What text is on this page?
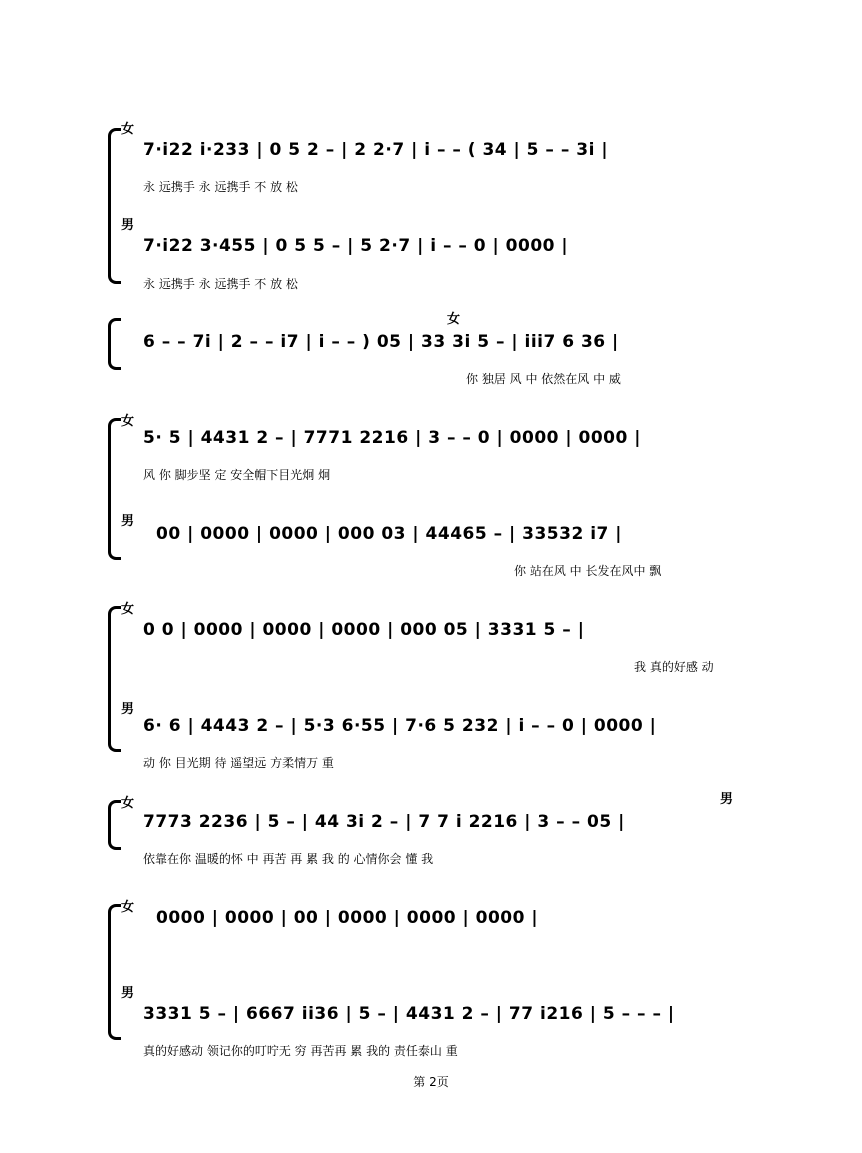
女
男
7·i22 i·233 | 0 5 2 – | 2 2·7 | i – – ( 34 | 5 – – 3i |
永 远携手 永 远携手 不 放 松
7·i22 3·455 | 0 5 5 – | 5 2·7 | i – – 0 | 0000 |
永 远携手 永 远携手 不 放 松
女
6 – – 7i | 2 – – i7 | i – – ) 05 | 33 3i 5 – | iii7 6 36 |
你 独居 风 中 依然在风 中 威
女
男
5· 5 | 4431 2 – | 7771 2216 | 3 – – 0 | 0000 | 0000 |
风 你 脚步坚 定 安全帽下目光炯 炯
00 | 0000 | 0000 | 000 03 | 44465 – | 33532 i7 |
你 站在风 中 长发在风中 飘
女
男
0 0 | 0000 | 0000 | 0000 | 000 05 | 3331 5 – |
我 真的好感 动
6· 6 | 4443 2 – | 5·3 6·55 | 7·6 5 232 | i – – 0 | 0000 |
动 你 目光期 待 遥望远 方柔情万 重
女	男
7773 2236 | 5 – | 44 3i 2 – | 7 7 i 2216 | 3 – – 05 |
依靠在你 温暖的怀 中 再苦 再 累 我 的 心情你会 懂 我
女
男
0000 | 0000 | 00 | 0000 | 0000 | 0000 |
3331 5 – | 6667 ii36 | 5 – | 4431 2 – | 77 i216 | 5 – – – |
真的好感动 领记你的叮咛无 穷 再苦再 累 我的 责任泰山 重
第 2页
